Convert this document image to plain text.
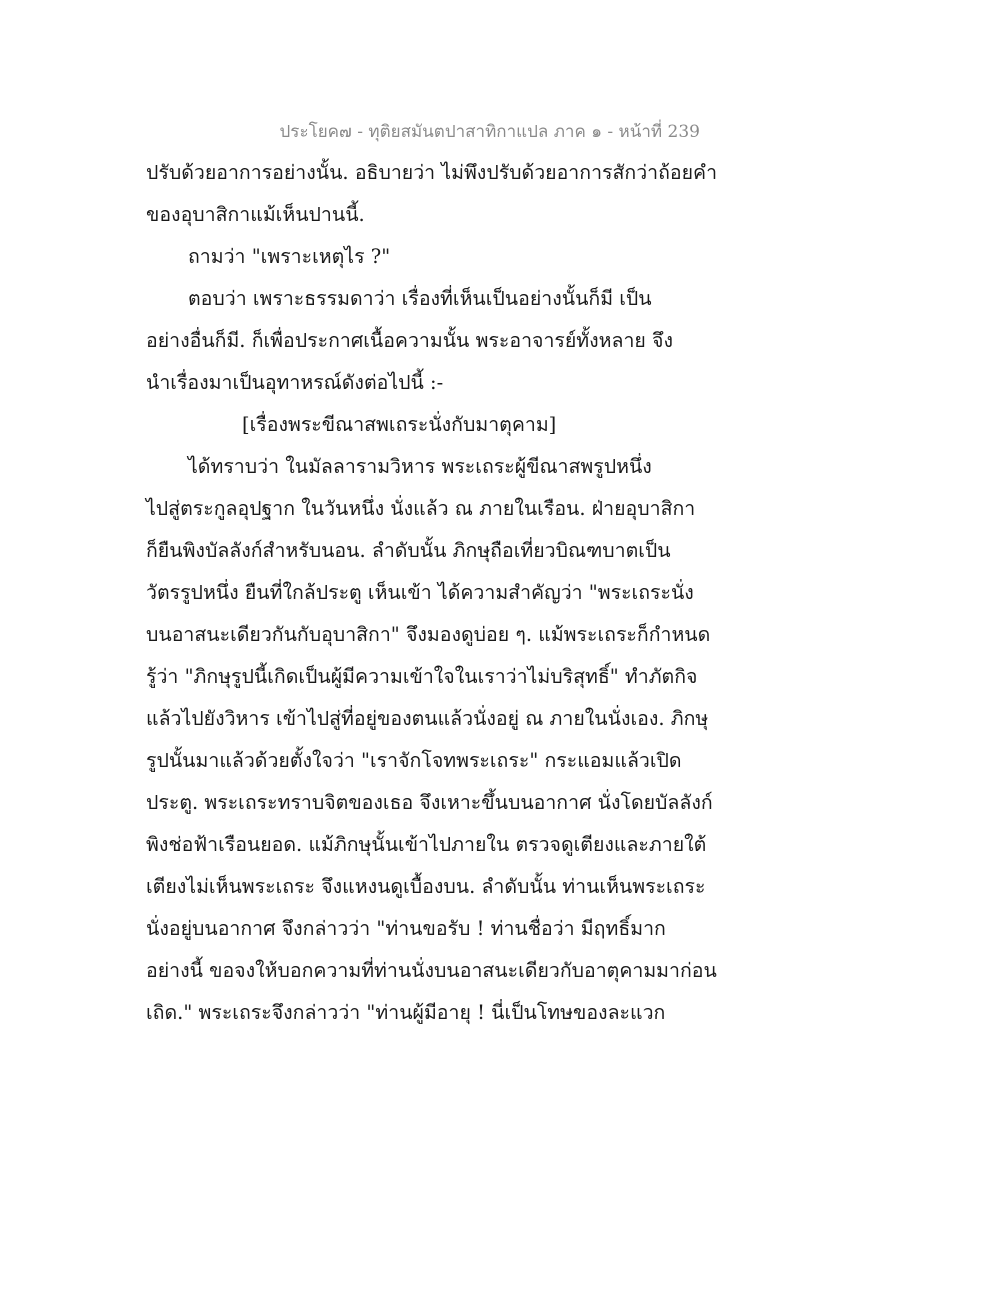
ประโยค๗ - ทุติยสมันตปาสาทิกาแปล ภาค ๑ - หน้าที่ 239
ปรับด้วยอาการอย่างนั้น. อธิบายว่า ไม่พึงปรับด้วยอาการสักว่าถ้อยคำ
ของอุบาสิกาแม้เห็นปานนี้.
ถามว่า "เพราะเหตุไร ?"
ตอบว่า เพราะธรรมดาว่า เรื่องที่เห็นเป็นอย่างนั้นก็มี เป็น
อย่างอื่นก็มี. ก็เพื่อประกาศเนื้อความนั้น พระอาจารย์ทั้งหลาย จึง
นำเรื่องมาเป็นอุทาหรณ์ดังต่อไปนี้ :-
[เรื่องพระขีณาสพเถระนั่งกับมาตุคาม]
ได้ทราบว่า ในมัลลารามวิหาร พระเถระผู้ขีณาสพรูปหนึ่ง
ไปสู่ตระกูลอุปฐาก ในวันหนึ่ง นั่งแล้ว ณ ภายในเรือน. ฝ่ายอุบาสิกา
ก็ยืนพิงบัลลังก์สำหรับนอน. ลำดับนั้น ภิกษุถือเที่ยวบิณฑบาตเป็น
วัตรรูปหนึ่ง ยืนที่ใกล้ประตู เห็นเข้า ได้ความสำคัญว่า "พระเถระนั่ง
บนอาสนะเดียวกันกับอุบาสิกา" จึงมองดูบ่อย ๆ. แม้พระเถระก็กำหนด
รู้ว่า "ภิกษุรูปนี้เกิดเป็นผู้มีความเข้าใจในเราว่าไม่บริสุทธิ์" ทำภัตกิจ
แล้วไปยังวิหาร เข้าไปสู่ที่อยู่ของตนแล้วนั่งอยู่ ณ ภายในนั่งเอง. ภิกษุ
รูปนั้นมาแล้วด้วยตั้งใจว่า "เราจักโจทพระเถระ" กระแอมแล้วเปิด
ประตู. พระเถระทราบจิตของเธอ จึงเหาะขึ้นบนอากาศ นั่งโดยบัลลังก์
พิงช่อฟ้าเรือนยอด. แม้ภิกษุนั้นเข้าไปภายใน ตรวจดูเตียงและภายใต้
เตียงไม่เห็นพระเถระ จึงแหงนดูเบื้องบน. ลำดับนั้น ท่านเห็นพระเถระ
นั่งอยู่บนอากาศ จึงกล่าวว่า "ท่านขอรับ ! ท่านชื่อว่า มีฤทธิ์มาก
อย่างนี้ ขอจงให้บอกความที่ท่านนั่งบนอาสนะเดียวกับอาตุคามมาก่อน
เถิด." พระเถระจึงกล่าวว่า "ท่านผู้มีอายุ ! นี่เป็นโทษของละแวก
